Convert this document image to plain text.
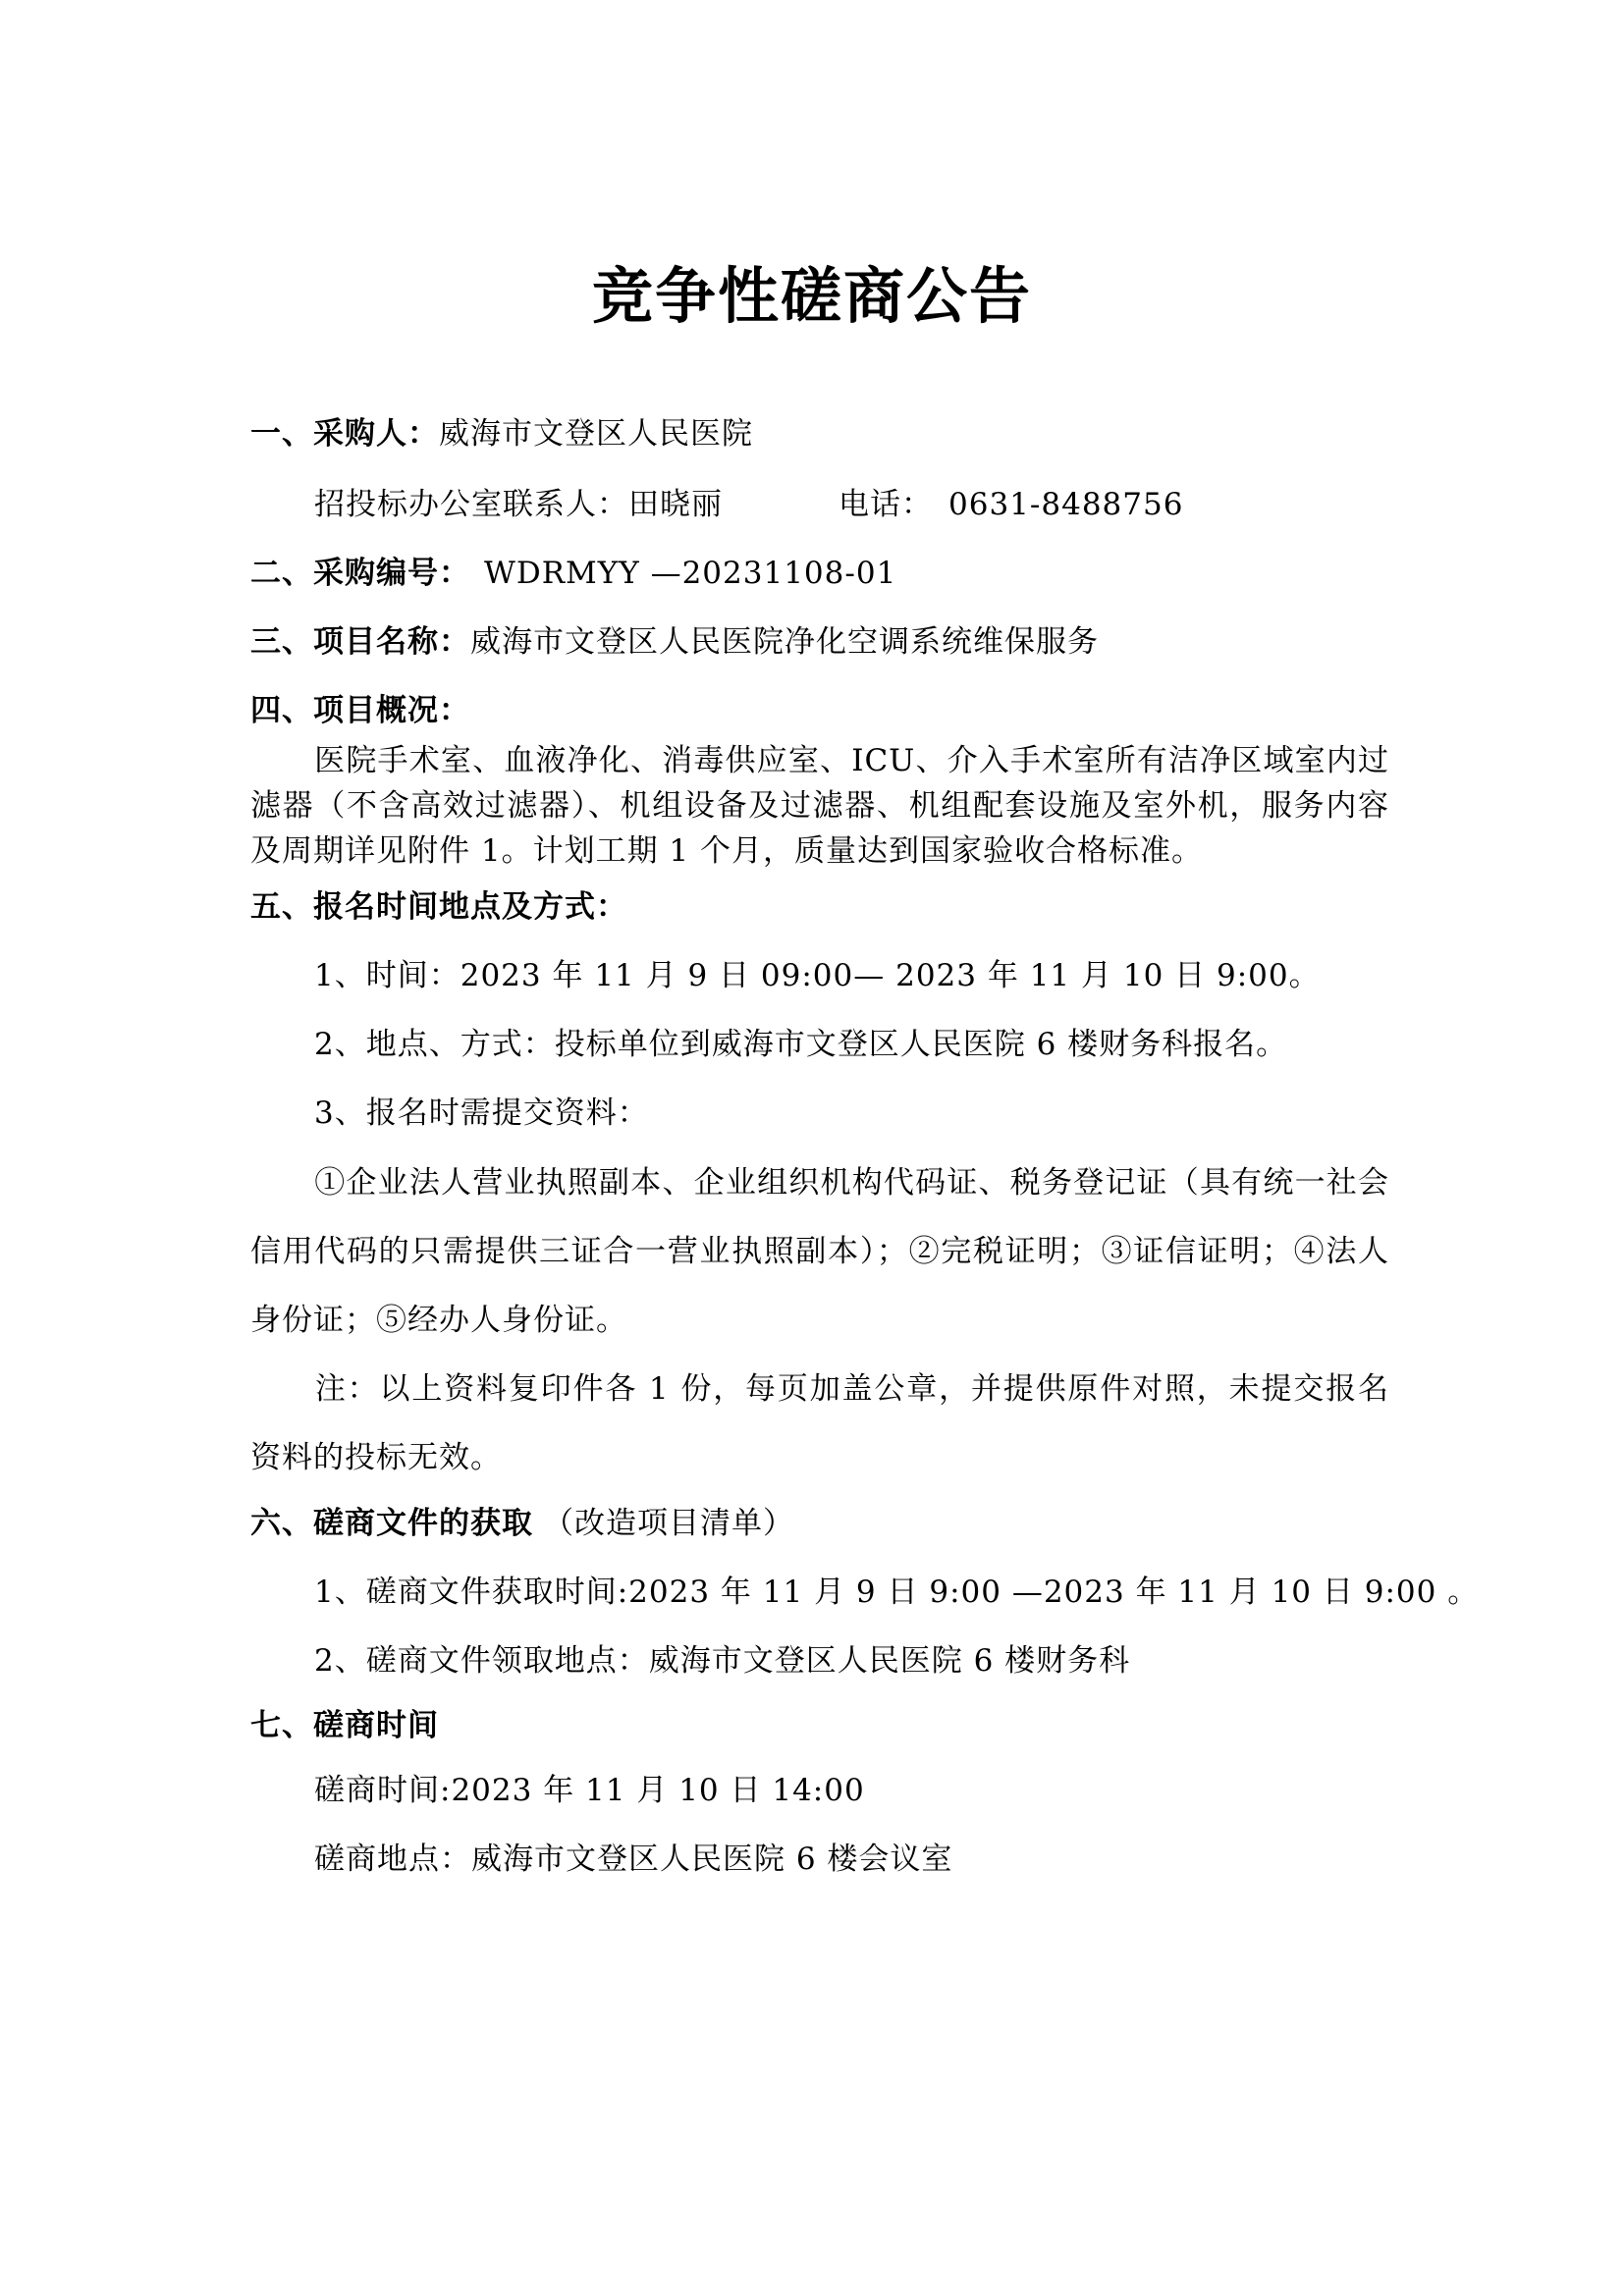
竞争性磋商公告
一、采购人：威海市文登区人民医院
招投标办公室联系人：田晓丽	电话： 0631-8488756
二、采购编号： WDRMYY —20231108-01
三、项目名称：威海市文登区人民医院净化空调系统维保服务
四、项目概况：
医院手术室、血液净化、消毒供应室、ICU、介入手术室所有洁净区域室内过滤器（不含高效过滤器）、机组设备及过滤器、机组配套设施及室外机，服务内容及周期详见附件 1。计划工期 1 个月，质量达到国家验收合格标准。
五、报名时间地点及方式：
1、时间：2023 年 11 月 9 日 09:00— 2023 年 11 月 10 日 9:00。
2、地点、方式：投标单位到威海市文登区人民医院 6 楼财务科报名。
3、报名时需提交资料：
①企业法人营业执照副本、企业组织机构代码证、税务登记证（具有统一社会信用代码的只需提供三证合一营业执照副本）；②完税证明；③证信证明；④法人身份证；⑤经办人身份证。
注：以上资料复印件各 1 份，每页加盖公章，并提供原件对照，未提交报名资料的投标无效。
六、磋商文件的获取 （改造项目清单）
1、磋商文件获取时间:2023 年 11 月 9 日 9:00 —2023 年 11 月 10 日 9:00 。
2、磋商文件领取地点：威海市文登区人民医院 6 楼财务科
七、磋商时间
磋商时间:2023 年 11 月 10 日 14:00
磋商地点：威海市文登区人民医院 6 楼会议室
